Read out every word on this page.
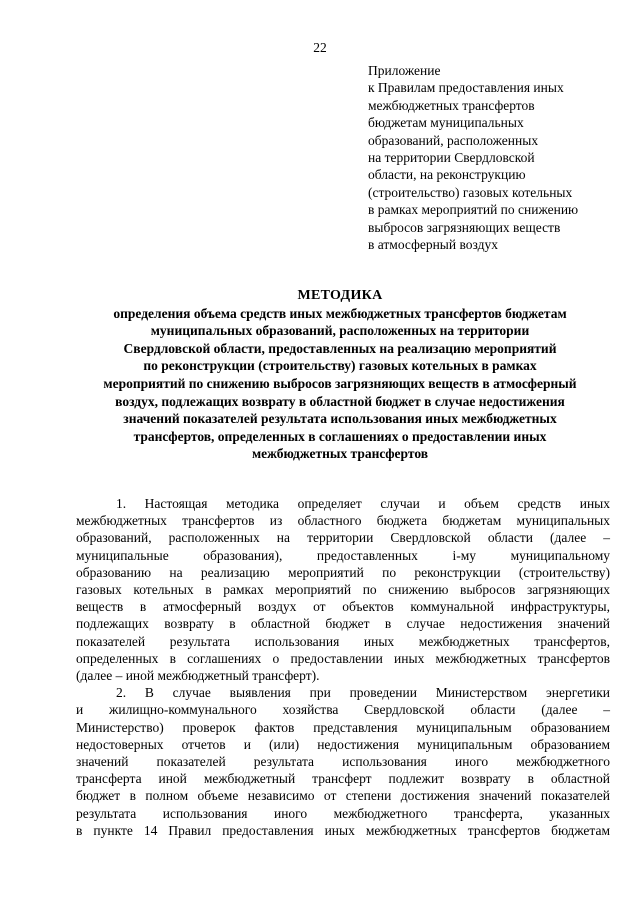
22
Приложение
к Правилам предоставления иных
межбюджетных трансфертов
бюджетам муниципальных
образований, расположенных
на территории Свердловской
области, на реконструкцию
(строительство) газовых котельных
в рамках мероприятий по снижению
выбросов загрязняющих веществ
в атмосферный воздух
МЕТОДИКА
определения объема средств иных межбюджетных трансфертов бюджетам
муниципальных образований, расположенных на территории
Свердловской области, предоставленных на реализацию мероприятий
по реконструкции (строительству) газовых котельных в рамках
мероприятий по снижению выбросов загрязняющих веществ в атмосферный
воздух, подлежащих возврату в областной бюджет в случае недостижения
значений показателей результата использования иных межбюджетных
трансфертов, определенных в соглашениях о предоставлении иных
межбюджетных трансфертов
1. Настоящая методика определяет случаи и объем средств иных
межбюджетных трансфертов из областного бюджета бюджетам муниципальных
образований, расположенных на территории Свердловской области (далее –
муниципальные образования), предоставленных i-му муниципальному
образованию на реализацию мероприятий по реконструкции (строительству)
газовых котельных в рамках мероприятий по снижению выбросов загрязняющих
веществ в атмосферный воздух от объектов коммунальной инфраструктуры,
подлежащих возврату в областной бюджет в случае недостижения значений
показателей результата использования иных межбюджетных трансфертов,
определенных в соглашениях о предоставлении иных межбюджетных трансфертов
(далее – иной межбюджетный трансферт).
2. В случае выявления при проведении Министерством энергетики
и жилищно-коммунального хозяйства Свердловской области (далее –
Министерство) проверок фактов представления муниципальным образованием
недостоверных отчетов и (или) недостижения муниципальным образованием
значений показателей результата использования иного межбюджетного
трансферта иной межбюджетный трансферт подлежит возврату в областной
бюджет в полном объеме независимо от степени достижения значений показателей
результата использования иного межбюджетного трансферта, указанных
в пункте 14 Правил предоставления иных межбюджетных трансфертов бюджетам
